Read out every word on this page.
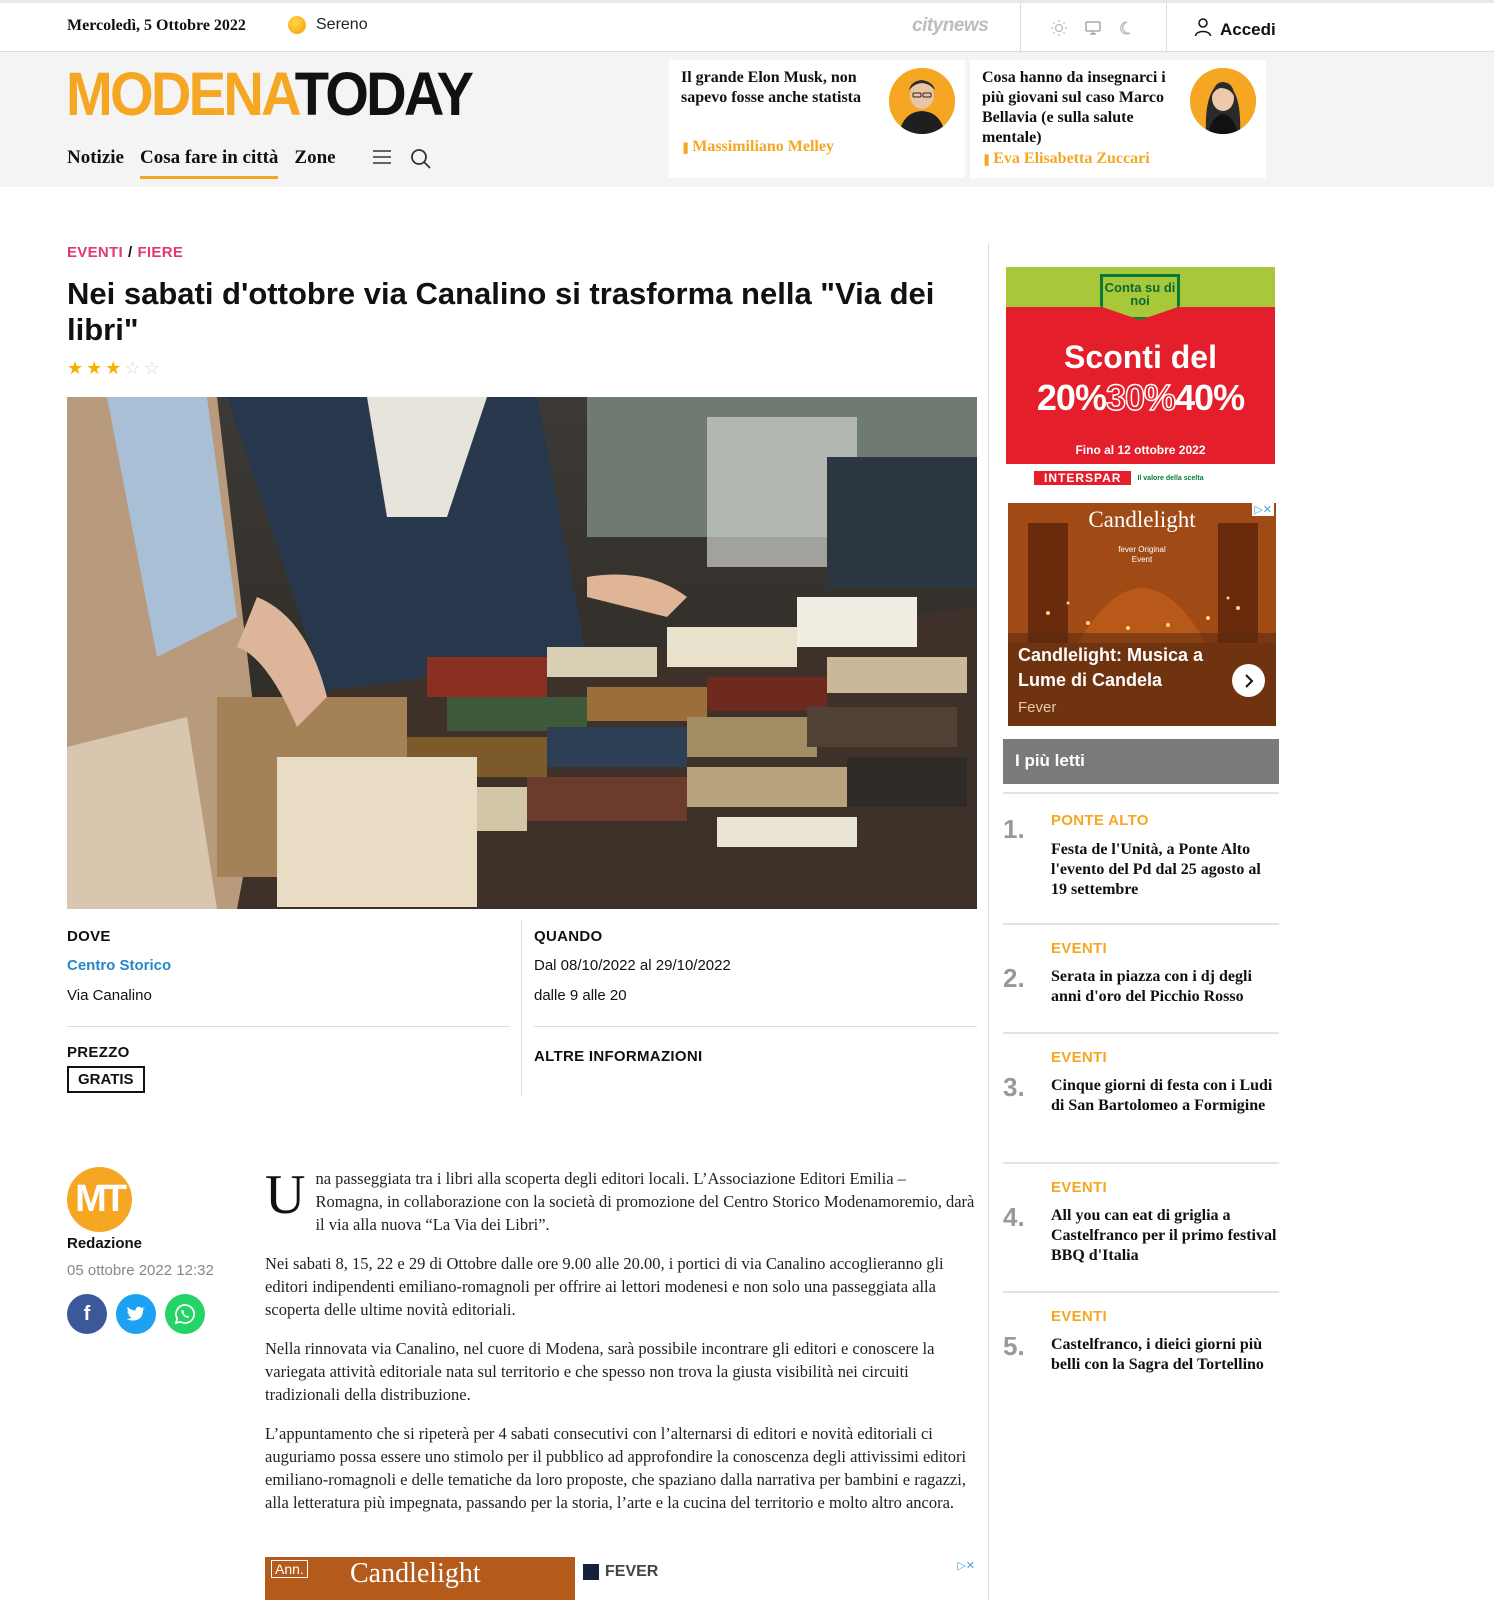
Mercoledì, 5 Ottobre 2022	Sereno	citynews	Accedi
MODENATODAY
Notizie Cosa fare in città Zone
Il grande Elon Musk, non sapevo fosse anche statista
❚ Massimiliano Melley
Cosa hanno da insegnarci i più giovani sul caso Marco Bellavia (e sulla salute mentale)
❚ Eva Elisabetta Zuccari
EVENTI / FIERE
Nei sabati d'ottobre via Canalino si trasforma nella "Via dei libri"
★ ★ ★ ☆ ☆
DOVE
Centro Storico
Via Canalino
QUANDO
Dal 08/10/2022 al 29/10/2022
dalle 9 alle 20
PREZZO
GRATIS
ALTRE INFORMAZIONI
MT
Redazione
05 ottobre 2022 12:32
f

Una passeggiata tra i libri alla scoperta degli editori locali. L’Associazione Editori Emilia – Romagna, in collaborazione con la società di promozione del Centro Storico Modenamoremio, darà il via alla nuova “La Via dei Libri”.

Nei sabati 8, 15, 22 e 29 di Ottobre dalle ore 9.00 alle 20.00, i portici di via Canalino accoglieranno gli editori indipendenti emiliano-romagnoli per offrire ai lettori modenesi e non solo una passeggiata alla scoperta delle ultime novità editoriali.

Nella rinnovata via Canalino, nel cuore di Modena, sarà possibile incontrare gli editori e conoscere la variegata attività editoriale nata sul territorio e che spesso non trova la giusta visibilità nei circuiti tradizionali della distribuzione.

L’appuntamento che si ripeterà per 4 sabati consecutivi con l’alternarsi di editori e novità editoriali ci auguriamo possa essere uno stimolo per il pubblico ad approfondire la conoscenza degli attivissimi editori emiliano-romagnoli e delle tematiche da loro proposte, che spaziano dalla narrativa per bambini e ragazzi, alla letteratura più impegnata, passando per la storia, l’arte e la cucina del territorio e molto altro ancora.

Ann. Candlelight	FEVER	▷✕
Conta su di noi
Sconti del
20%30%40%
Fino al 12 ottobre 2022
INTERSPAR	Il valore della scelta
Candlelight
fever Original Event
▷✕
Candlelight: Musica a Lume di Candela
Fever
I più letti
1. PONTE ALTO
Festa de l'Unità, a Ponte Alto l'evento del Pd dal 25 agosto al 19 settembre
2.
EVENTI
Serata in piazza con i dj degli anni d'oro del Picchio Rosso
3.
EVENTI
Cinque giorni di festa con i Ludi di San Bartolomeo a Formigine
4.
EVENTI
All you can eat di griglia a Castelfranco per il primo festival BBQ d'Italia
5.
EVENTI
Castelfranco, i dieici giorni più belli con la Sagra del Tortellino
